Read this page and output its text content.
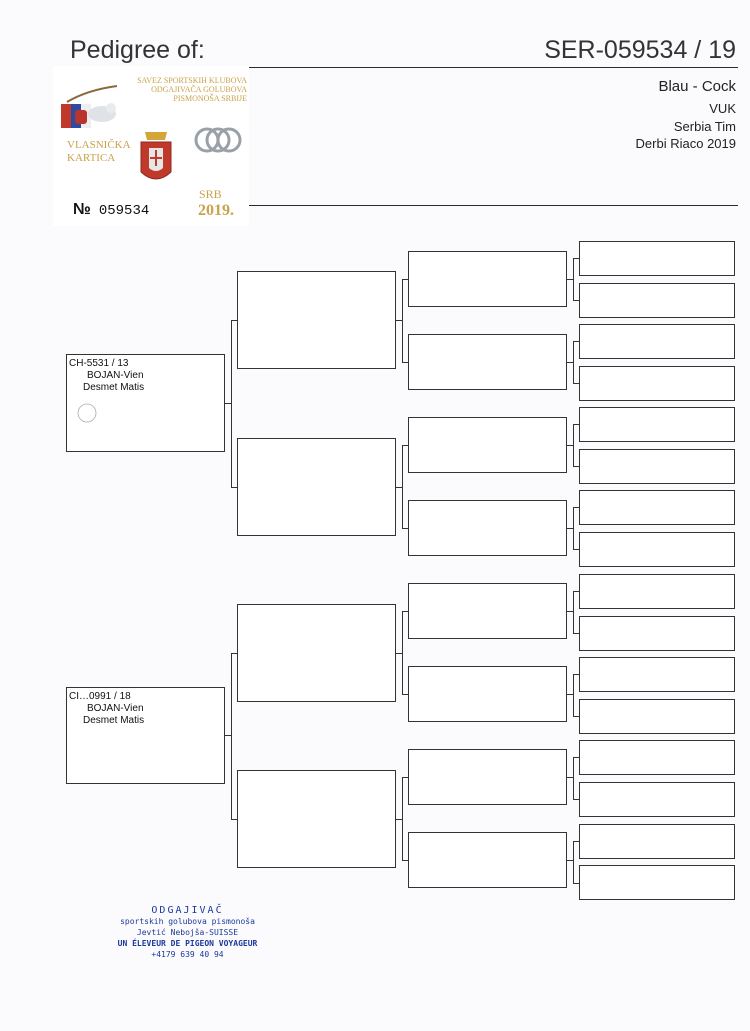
Pedigree of:	SER-059534 / 19
Blau - Cock
VUK
Serbia Tim
Derbi Riaco 2019
SAVEZ SPORTSKIH KLUBOVA ODGAJIVAČA GOLUBOVA PISMONOŠA SRBIJE
VLASNIČKA
KARTICA
SRB
2019.
№ 059534
CH-5531 / 13
BOJAN-Vien
Desmet Matis
CI…0991 / 18
BOJAN-Vien
Desmet Matis
ODGAJIVAČ
sportskih golubova pismonoša
Jevtić Nebojša-SUISSE
UN ÉLEVEUR DE PIGEON VOYAGEUR
+4179 639 40 94
